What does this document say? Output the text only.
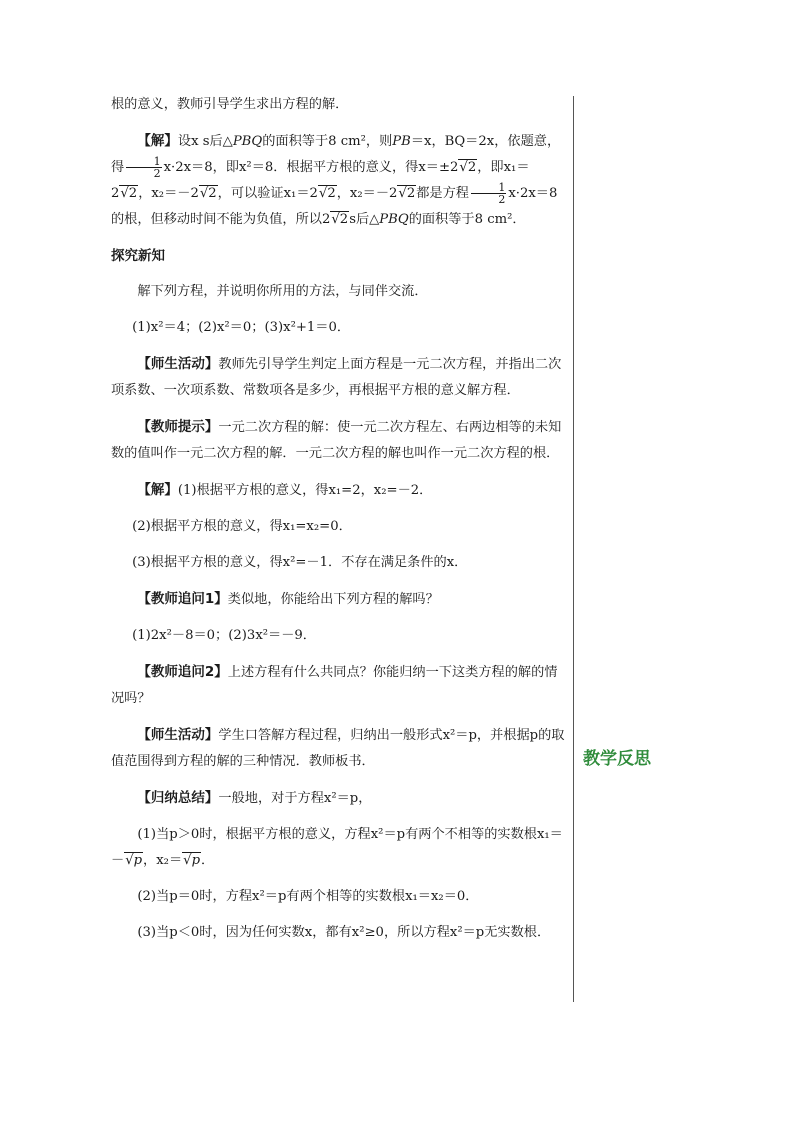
根的意义，教师引导学生求出方程的解．

【解】设x s后△PBQ的面积等于8 cm²，则PB＝x，BQ＝2x，依题意，得 $\frac{1}{2} x\cdot 2x=8$，即x²＝8．根据平方根的意义，得x＝±2√2，即x₁＝2√2，x₂＝－2√2，可以验证x₁＝2√2，x₂＝－2√2都是方程 $\frac{1}{2} x\cdot 2x=8$的根，但移动时间不能为负值，所以2√2s后△PBQ的面积等于8 cm²．

探究新知

解下列方程，并说明你所用的方法，与同伴交流．

(1)x²＝4；(2)x²＝0；(3)x²+1＝0．

【师生活动】教师先引导学生判定上面方程是一元二次方程，并指出二次项系数、一次项系数、常数项各是多少，再根据平方根的意义解方程．

【教师提示】一元二次方程的解：使一元二次方程左、右两边相等的未知数的值叫作一元二次方程的解．一元二次方程的解也叫作一元二次方程的根．

【解】(1)根据平方根的意义，得x₁=2，x₂=－2．

(2)根据平方根的意义，得x₁=x₂=0．

(3)根据平方根的意义，得x²=－1．不存在满足条件的x．

【教师追问1】类似地，你能给出下列方程的解吗？

(1)2x²－8＝0；(2)3x²＝－9．

【教师追问2】上述方程有什么共同点？你能归纳一下这类方程的解的情况吗？

【师生活动】学生口答解方程过程，归纳出一般形式x²＝p，并根据p的取值范围得到方程的解的三种情况．教师板书．

【归纳总结】一般地，对于方程x²＝p，

(1)当p＞0时，根据平方根的意义，方程x²＝p有两个不相等的实数根x₁＝－√p，x₂＝√p．

(2)当p＝0时，方程x²＝p有两个相等的实数根x₁＝x₂＝0．

(3)当p＜0时，因为任何实数x，都有x²≥0，所以方程x²＝p无实数根．

教学反思
